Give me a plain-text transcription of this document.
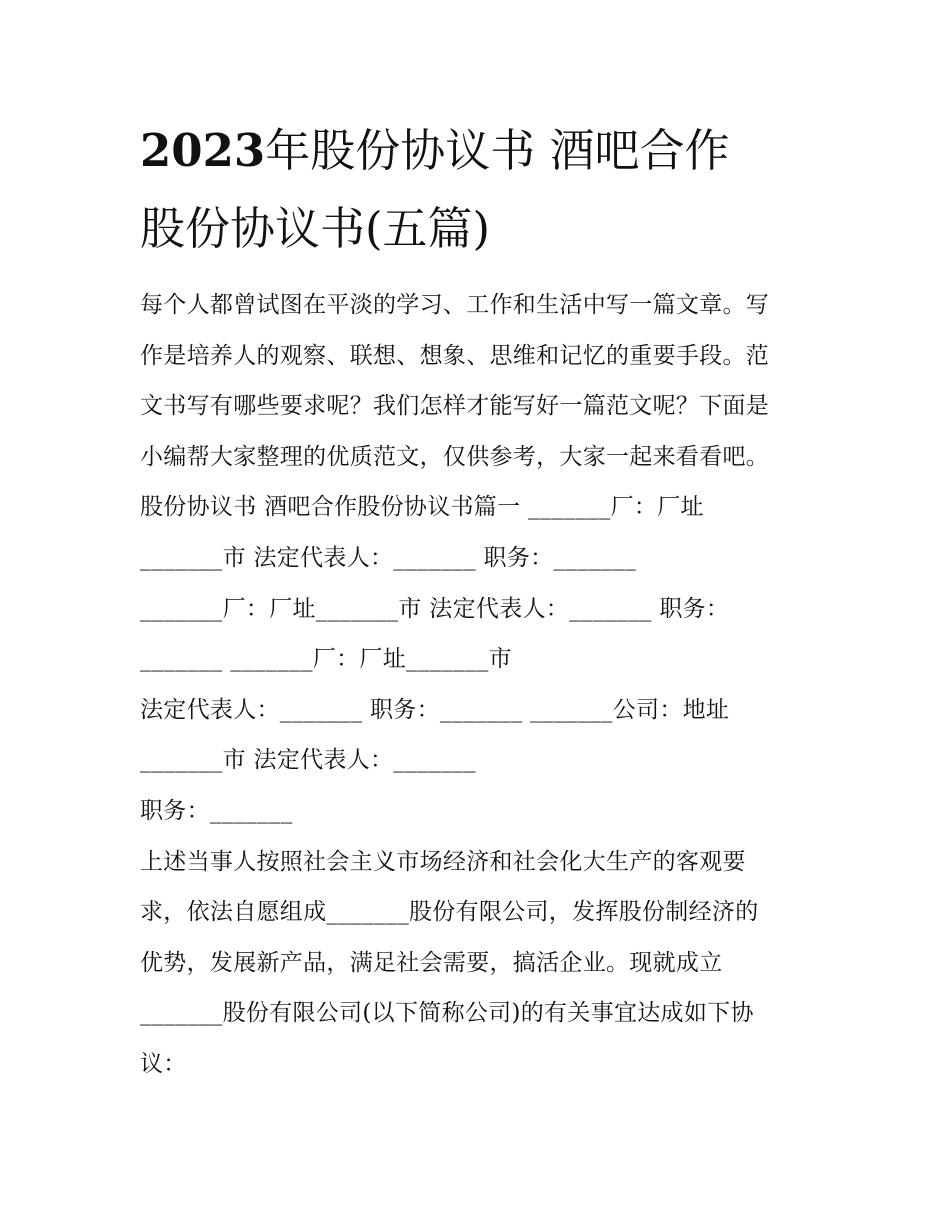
2023年股份协议书 酒吧合作
股份协议书(五篇)
每个人都曾试图在平淡的学习、工作和生活中写一篇文章。写
作是培养人的观察、联想、想象、思维和记忆的重要手段。范
文书写有哪些要求呢？我们怎样才能写好一篇范文呢？下面是
小编帮大家整理的优质范文，仅供参考，大家一起来看看吧。
股份协议书 酒吧合作股份协议书篇一 _______厂：厂址
_______市 法定代表人：_______ 职务：_______
_______厂：厂址_______市 法定代表人：_______ 职务：
_______ _______厂：厂址_______市
法定代表人：_______ 职务：_______ _______公司：地址
_______市 法定代表人：_______
职务：_______
上述当事人按照社会主义市场经济和社会化大生产的客观要
求，依法自愿组成_______股份有限公司，发挥股份制经济的
优势，发展新产品，满足社会需要，搞活企业。现就成立
_______股份有限公司(以下简称公司)的有关事宜达成如下协
议：
